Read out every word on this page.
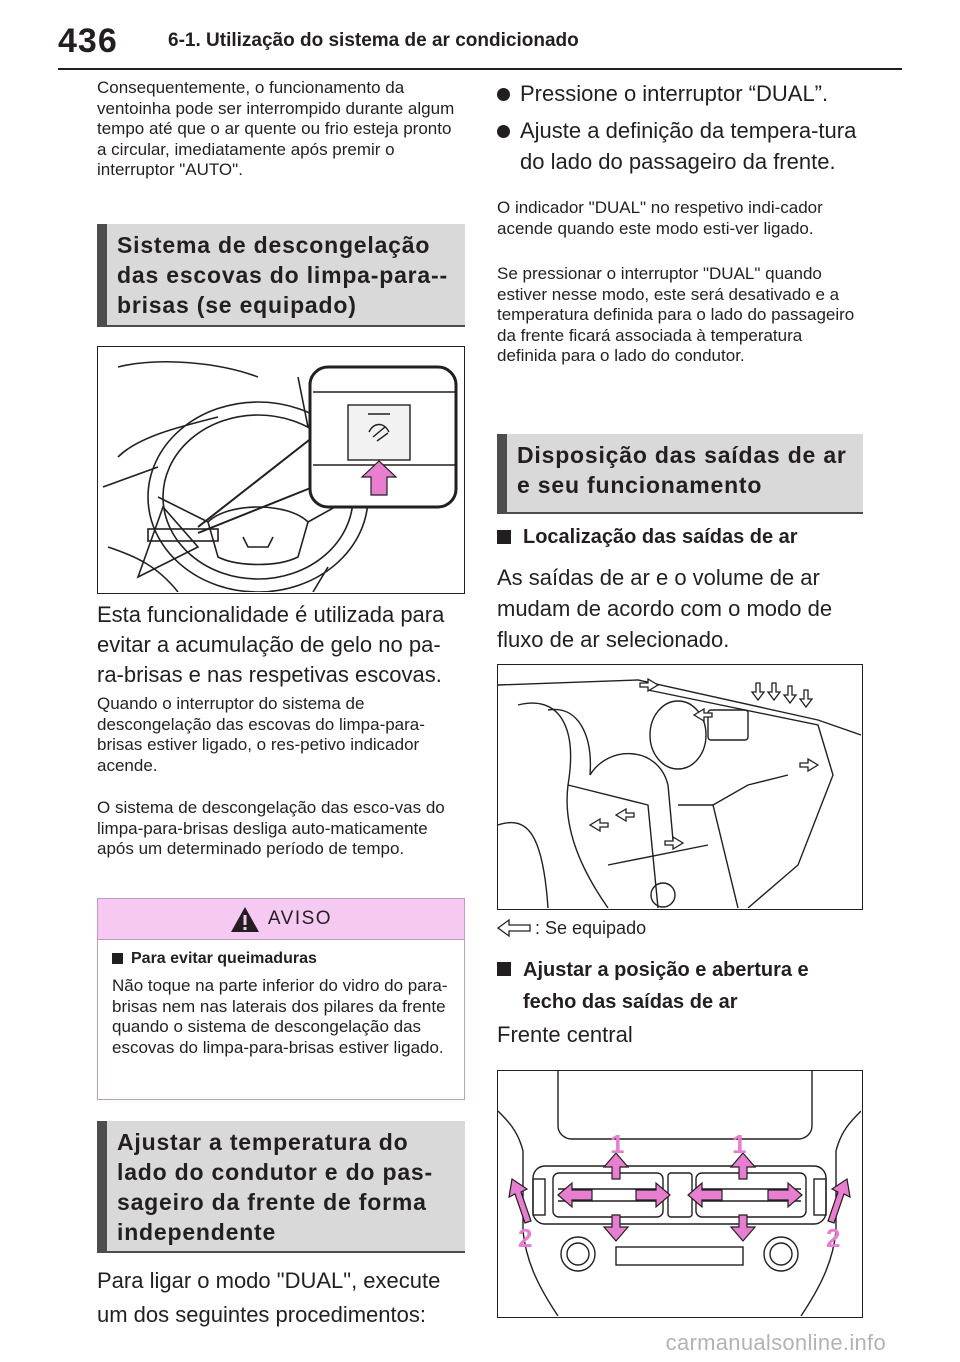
436	6-1. Utilização do sistema de ar condicionado
Consequentemente, o funcionamento da ventoinha pode ser interrompido durante algum tempo até que o ar quente ou frio esteja pronto a circular, imediatamente após premir o interruptor "AUTO".
Sistema de descongelação das escovas do limpa-para--brisas (se equipado)
Esta funcionalidade é utilizada para evitar a acumulação de gelo no pa-ra-brisas e nas respetivas escovas.
Quando o interruptor do sistema de descongelação das escovas do limpa-para-brisas estiver ligado, o res-petivo indicador acende.
O sistema de descongelação das esco-vas do limpa-para-brisas desliga auto-maticamente após um determinado período de tempo.
AVISO
Para evitar queimaduras
Não toque na parte inferior do vidro do para-brisas nem nas laterais dos pilares da frente quando o sistema de descongelação das escovas do limpa-para-brisas estiver ligado.
Ajustar a temperatura do lado do condutor e do pas-sageiro da frente de forma independente
Para ligar o modo "DUAL", execute um dos seguintes procedimentos:
Pressione o interruptor “DUAL”.
Ajuste a definição da tempera-tura do lado do passageiro da frente.
O indicador "DUAL" no respetivo indi-cador acende quando este modo esti-ver ligado.
Se pressionar o interruptor "DUAL" quando estiver nesse modo, este será desativado e a temperatura definida para o lado do passageiro da frente ficará associada à temperatura definida para o lado do condutor.
Disposição das saídas de ar e seu funcionamento
Localização das saídas de ar
As saídas de ar e o volume de ar mudam de acordo com o modo de fluxo de ar selecionado.
: Se equipado
Ajustar a posição e abertura e fecho das saídas de ar
Frente central
1	1
2	2
carmanualsonline.info
